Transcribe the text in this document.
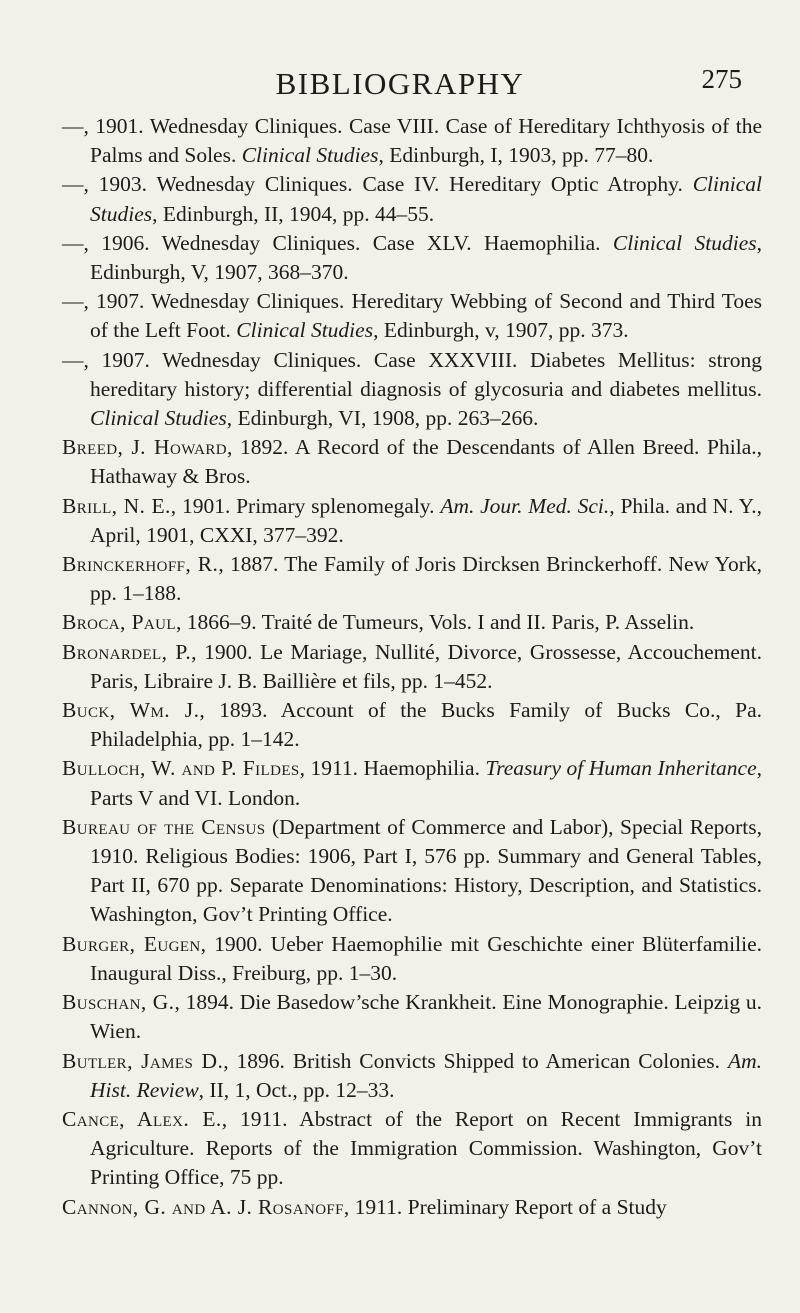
BIBLIOGRAPHY	275

—, 1901. Wednesday Cliniques. Case VIII. Case of Hereditary Ichthyosis of the Palms and Soles. Clinical Studies, Edinburgh, I, 1903, pp. 77–80.

—, 1903. Wednesday Cliniques. Case IV. Hereditary Optic Atrophy. Clinical Studies, Edinburgh, II, 1904, pp. 44–55.

—, 1906. Wednesday Cliniques. Case XLV. Haemophilia. Clinical Studies, Edinburgh, V, 1907, 368–370.

—, 1907. Wednesday Cliniques. Hereditary Webbing of Second and Third Toes of the Left Foot. Clinical Studies, Edinburgh, v, 1907, pp. 373.

—, 1907. Wednesday Cliniques. Case XXXVIII. Diabetes Mellitus: strong hereditary history; differential diagnosis of glycosuria and diabetes mellitus. Clinical Studies, Edinburgh, VI, 1908, pp. 263–266.

Breed, J. Howard, 1892. A Record of the Descendants of Allen Breed. Phila., Hathaway & Bros.

Brill, N. E., 1901. Primary splenomegaly. Am. Jour. Med. Sci., Phila. and N. Y., April, 1901, CXXI, 377–392.

Brinckerhoff, R., 1887. The Family of Joris Dircksen Brinckerhoff. New York, pp. 1–188.

Broca, Paul, 1866–9. Traité de Tumeurs, Vols. I and II. Paris, P. Asselin.

Bronardel, P., 1900. Le Mariage, Nullité, Divorce, Grossesse, Accouchement. Paris, Libraire J. B. Baillière et fils, pp. 1–452.

Buck, Wm. J., 1893. Account of the Bucks Family of Bucks Co., Pa. Philadelphia, pp. 1–142.

Bulloch, W. and P. Fildes, 1911. Haemophilia. Treasury of Human Inheritance, Parts V and VI. London.

Bureau of the Census (Department of Commerce and Labor), Special Reports, 1910. Religious Bodies: 1906, Part I, 576 pp. Summary and General Tables, Part II, 670 pp. Separate Denominations: History, Description, and Statistics. Washington, Gov’t Printing Office.

Burger, Eugen, 1900. Ueber Haemophilie mit Geschichte einer Blüterfamilie. Inaugural Diss., Freiburg, pp. 1–30.

Buschan, G., 1894. Die Basedow’sche Krankheit. Eine Monographie. Leipzig u. Wien.

Butler, James D., 1896. British Convicts Shipped to American Colonies. Am. Hist. Review, II, 1, Oct., pp. 12–33.

Cance, Alex. E., 1911. Abstract of the Report on Recent Immigrants in Agriculture. Reports of the Immigration Commission. Washington, Gov’t Printing Office, 75 pp.

Cannon, G. and A. J. Rosanoff, 1911. Preliminary Report of a Study
